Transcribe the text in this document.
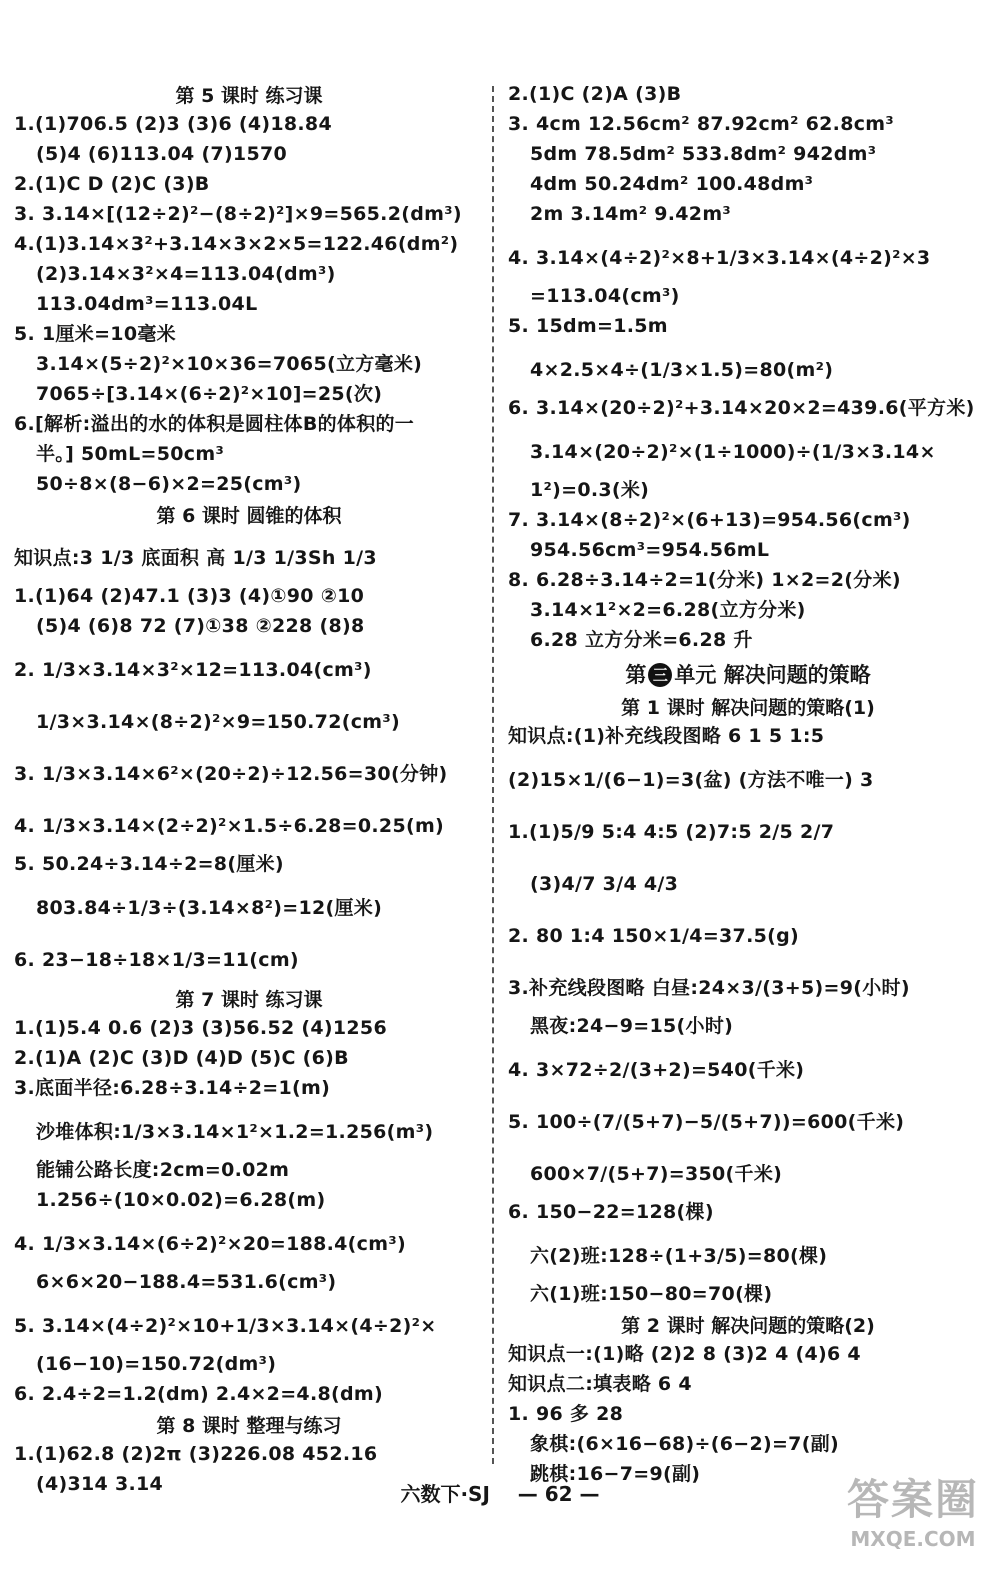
第 5 课时 练习课
1.(1)706.5 (2)3 (3)6 (4)18.84
(5)4 (6)113.04 (7)1570
2.(1)C D (2)C (3)B
3. 3.14×[(12÷2)²−(8÷2)²]×9=565.2(dm³)
4.(1)3.14×3²+3.14×3×2×5=122.46(dm²)
(2)3.14×3²×4=113.04(dm³)
113.04dm³=113.04L
5. 1厘米=10毫米
3.14×(5÷2)²×10×36=7065(立方毫米)
7065÷[3.14×(6÷2)²×10]=25(次)
6.[解析:溢出的水的体积是圆柱体B的体积的一
半。] 50mL=50cm³
50÷8×(8−6)×2=25(cm³)
第 6 课时 圆锥的体积
知识点:3 1/3 底面积 高 1/3 1/3Sh 1/3
1.(1)64 (2)47.1 (3)3 (4)①90 ②10
(5)4 (6)8 72 (7)①38 ②228 (8)8
2. 1/3×3.14×3²×12=113.04(cm³)
1/3×3.14×(8÷2)²×9=150.72(cm³)
3. 1/3×3.14×6²×(20÷2)÷12.56=30(分钟)
4. 1/3×3.14×(2÷2)²×1.5÷6.28=0.25(m)
5. 50.24÷3.14÷2=8(厘米)
803.84÷1/3÷(3.14×8²)=12(厘米)
6. 23−18÷18×1/3=11(cm)
第 7 课时 练习课
1.(1)5.4 0.6 (2)3 (3)56.52 (4)1256
2.(1)A (2)C (3)D (4)D (5)C (6)B
3.底面半径:6.28÷3.14÷2=1(m)
沙堆体积:1/3×3.14×1²×1.2=1.256(m³)
能铺公路长度:2cm=0.02m
1.256÷(10×0.02)=6.28(m)
4. 1/3×3.14×(6÷2)²×20=188.4(cm³)
6×6×20−188.4=531.6(cm³)
5. 3.14×(4÷2)²×10+1/3×3.14×(4÷2)²×
(16−10)=150.72(dm³)
6. 2.4÷2=1.2(dm) 2.4×2=4.8(dm)
第 8 课时 整理与练习
1.(1)62.8 (2)2π (3)226.08 452.16
(4)314 3.14
2.(1)C (2)A (3)B
3. 4cm 12.56cm² 87.92cm² 62.8cm³
5dm 78.5dm² 533.8dm² 942dm³
4dm 50.24dm² 100.48dm³
2m 3.14m² 9.42m³
4. 3.14×(4÷2)²×8+1/3×3.14×(4÷2)²×3
=113.04(cm³)
5. 15dm=1.5m
4×2.5×4÷(1/3×1.5)=80(m²)
6. 3.14×(20÷2)²+3.14×20×2=439.6(平方米)
3.14×(20÷2)²×(1÷1000)÷(1/3×3.14×
1²)=0.3(米)
7. 3.14×(8÷2)²×(6+13)=954.56(cm³)
954.56cm³=954.56mL
8. 6.28÷3.14÷2=1(分米) 1×2=2(分米)
3.14×1²×2=6.28(立方分米)
6.28 立方分米=6.28 升
第 三 单元 解决问题的策略
第 1 课时 解决问题的策略(1)
知识点:(1)补充线段图略 6 1 5 1:5
(2)15×1/(6−1)=3(盆) (方法不唯一) 3
1.(1)5/9 5:4 4:5 (2)7:5 2/5 2/7
(3)4/7 3/4 4/3
2. 80 1:4 150×1/4=37.5(g)
3.补充线段图略 白昼:24×3/(3+5)=9(小时)
黑夜:24−9=15(小时)
4. 3×72÷2/(3+2)=540(千米)
5. 100÷(7/(5+7)−5/(5+7))=600(千米)
600×7/(5+7)=350(千米)
6. 150−22=128(棵)
六(2)班:128÷(1+3/5)=80(棵)
六(1)班:150−80=70(棵)
第 2 课时 解决问题的策略(2)
知识点一:(1)略 (2)2 8 (3)2 4 (4)6 4
知识点二:填表略 6 4
1. 96 多 28
象棋:(6×16−68)÷(6−2)=7(副)
跳棋:16−7=9(副)
六数下·SJ — 62 —	答案圈
MXQE.COM
